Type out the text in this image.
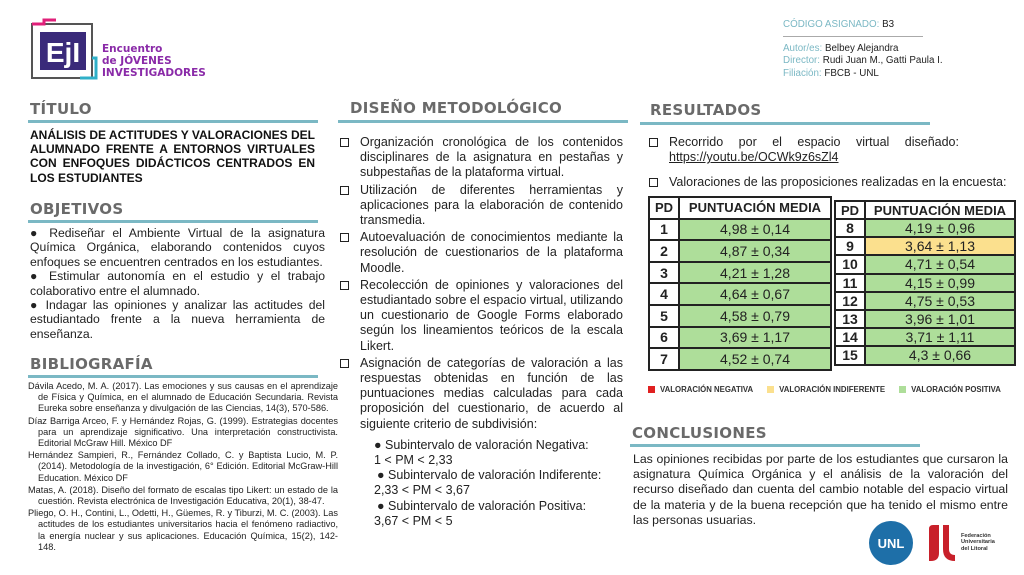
EjI Encuentro
de JÓVENES
INVESTIGADORES
CÓDIGO ASIGNADO: B3
Autor/es: Belbey Alejandra
Director: Rudi Juan M., Gatti Paula I.
Filiación: FBCB - UNL
TÍTULO
ANÁLISIS DE ACTITUDES Y VALORACIONES DEL ALUMNADO FRENTE A ENTORNOS VIRTUALES CON ENFOQUES DIDÁCTICOS CENTRADOS EN LOS ESTUDIANTES
OBJETIVOS
● Rediseñar el Ambiente Virtual de la asignatura Química Orgánica, elaborando contenidos cuyos enfoques se encuentren centrados en los estudiantes.
● Estimular autonomía en el estudio y el trabajo colaborativo entre el alumnado.
● Indagar las opiniones y analizar las actitudes del estudiantado frente a la nueva herramienta de enseñanza.
BIBLIOGRAFÍA

Dávila Acedo, M. A. (2017). Las emociones y sus causas en el aprendizaje de Física y Química, en el alumnado de Educación Secundaria. Revista Eureka sobre enseñanza y divulgación de las Ciencias, 14(3), 570-586.

Díaz Barriga Arceo, F. y Hernández Rojas, G. (1999). Estrategias docentes para un aprendizaje significativo. Una interpretación constructivista. Editorial McGraw Hill. México DF

Hernández Sampieri, R., Fernández Collado, C. y Baptista Lucio, M. P. (2014). Metodología de la investigación, 6° Edición. Editorial McGraw-Hill Education. México DF

Matas, A. (2018). Diseño del formato de escalas tipo Likert: un estado de la cuestión. Revista electrónica de Investigación Educativa, 20(1), 38-47.

Pliego, O. H., Contini, L., Odetti, H., Güemes, R. y Tiburzi, M. C. (2003). Las actitudes de los estudiantes universitarios hacia el fenómeno radiactivo, la energía nuclear y sus aplicaciones. Educación Química, 15(2), 142-148.

DISEÑO METODOLÓGICO
Organización cronológica de los contenidos disciplinares de la asignatura en pestañas y subpestañas de la plataforma virtual.
Utilización de diferentes herramientas y aplicaciones para la elaboración de contenido transmedia.
Autoevaluación de conocimientos mediante la resolución de cuestionarios de la plataforma Moodle.
Recolección de opiniones y valoraciones del estudiantado sobre el espacio virtual, utilizando un cuestionario de Google Forms elaborado según los lineamientos teóricos de la escala Likert.
Asignación de categorías de valoración a las respuestas obtenidas en función de las puntuaciones medias calculadas para cada proposición del cuestionario, de acuerdo al siguiente criterio de subdivisión:
● Subintervalo de valoración Negativa:
1 < PM < 2,33
● Subintervalo de valoración Indiferente:
2,33 < PM < 3,67
● Subintervalo de valoración Positiva:
3,67 < PM < 5
RESULTADOS
Recorrido por el espacio virtual diseñado:
https://youtu.be/OCWk9z6sZl4
Valoraciones de las proposiciones realizadas en la encuesta:
PD	PUNTUACIÓN MEDIA
1	4,98 ± 0,14
2	4,87 ± 0,34
3	4,21 ± 1,28
4	4,64 ± 0,67
5	4,58 ± 0,79
6	3,69 ± 1,17
7	4,52 ± 0,74
PD	PUNTUACIÓN MEDIA
8	4,19 ± 0,96
9	3,64 ± 1,13
10	4,71 ± 0,54
11	4,15 ± 0,99
12	4,75 ± 0,53
13	3,96 ± 1,01
14	3,71 ± 1,11
15	4,3 ± 0,66
VALORACIÓN NEGATIVA	VALORACIÓN INDIFERENTE	VALORACIÓN POSITIVA
CONCLUSIONES
Las opiniones recibidas por parte de los estudiantes que cursaron la asignatura Química Orgánica y el análisis de la valoración del recurso diseñado dan cuenta del cambio notable del espacio virtual de la materia y de la buena recepción que ha tenido el mismo entre las personas usuarias.
UNL	Federación
Universitaria
del Litoral
